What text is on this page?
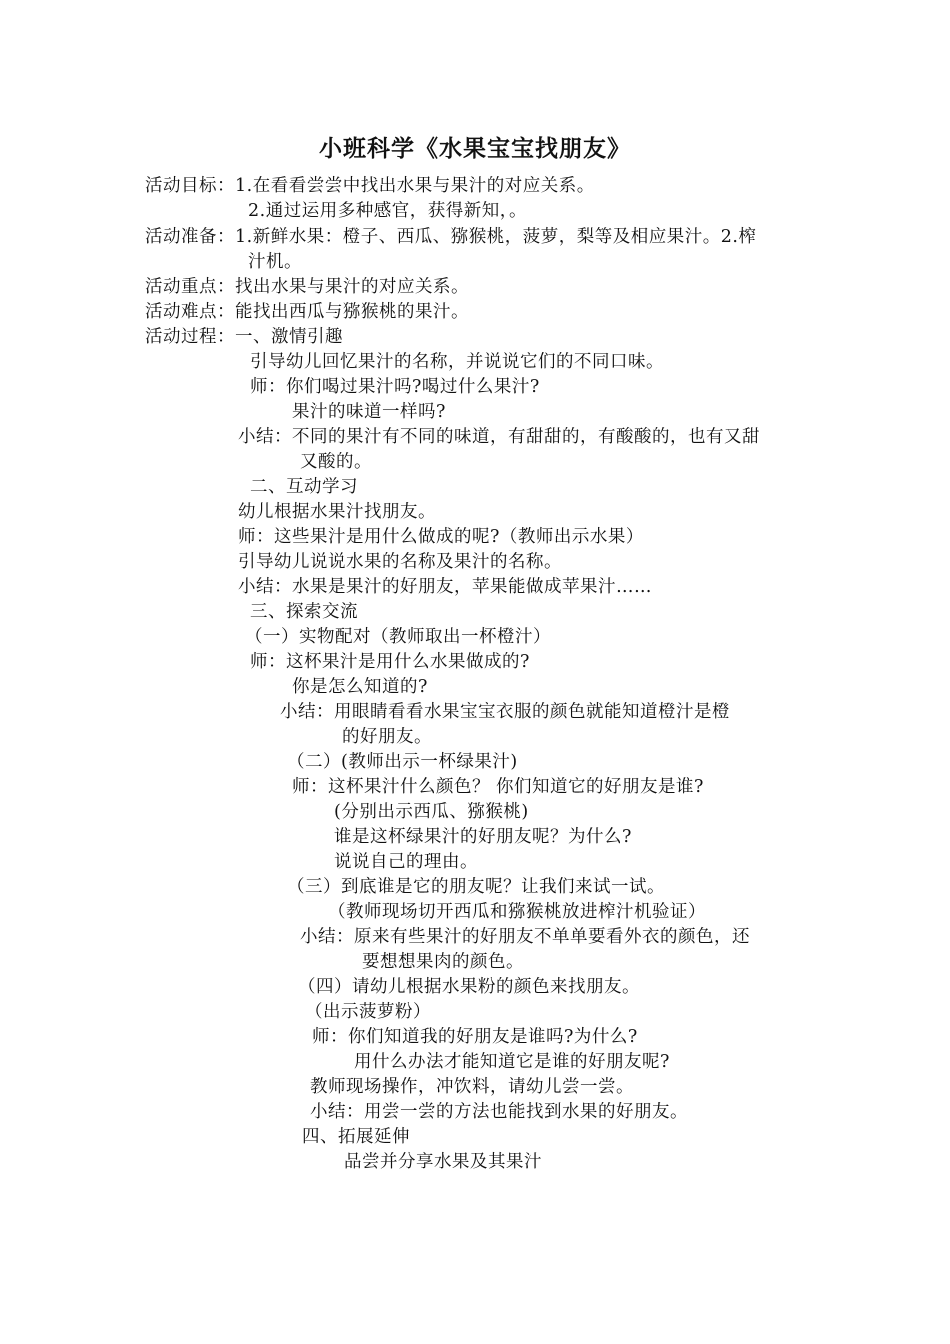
小班科学《水果宝宝找朋友》
活动目标：1.在看看尝尝中找出水果与果汁的对应关系。
2.通过运用多种感官，获得新知，。
活动准备：1.新鲜水果：橙子、西瓜、猕猴桃，菠萝，梨等及相应果汁。2.榨
汁机。
活动重点：找出水果与果汁的对应关系。
活动难点：能找出西瓜与猕猴桃的果汁。
活动过程：一、激情引趣
引导幼儿回忆果汁的名称，并说说它们的不同口味。
师：你们喝过果汁吗?喝过什么果汁?
果汁的味道一样吗?
小结：不同的果汁有不同的味道，有甜甜的，有酸酸的，也有又甜
又酸的。
二、互动学习
幼儿根据水果汁找朋友。
师：这些果汁是用什么做成的呢?（教师出示水果）
引导幼儿说说水果的名称及果汁的名称。
小结：水果是果汁的好朋友，苹果能做成苹果汁……
三、探索交流
（一）实物配对（教师取出一杯橙汁）
师：这杯果汁是用什么水果做成的?
你是怎么知道的?
小结：用眼睛看看水果宝宝衣服的颜色就能知道橙汁是橙
的好朋友。
（二）(教师出示一杯绿果汁)
师：这杯果汁什么颜色？ 你们知道它的好朋友是谁?
(分别出示西瓜、猕猴桃)
谁是这杯绿果汁的好朋友呢？为什么?
说说自己的理由。
（三）到底谁是它的朋友呢？让我们来试一试。
（教师现场切开西瓜和猕猴桃放进榨汁机验证）
小结：原来有些果汁的好朋友不单单要看外衣的颜色，还
要想想果肉的颜色。
（四）请幼儿根据水果粉的颜色来找朋友。
（出示菠萝粉）
师：你们知道我的好朋友是谁吗?为什么?
用什么办法才能知道它是谁的好朋友呢?
教师现场操作，冲饮料，请幼儿尝一尝。
小结：用尝一尝的方法也能找到水果的好朋友。
四、拓展延伸
品尝并分享水果及其果汁
